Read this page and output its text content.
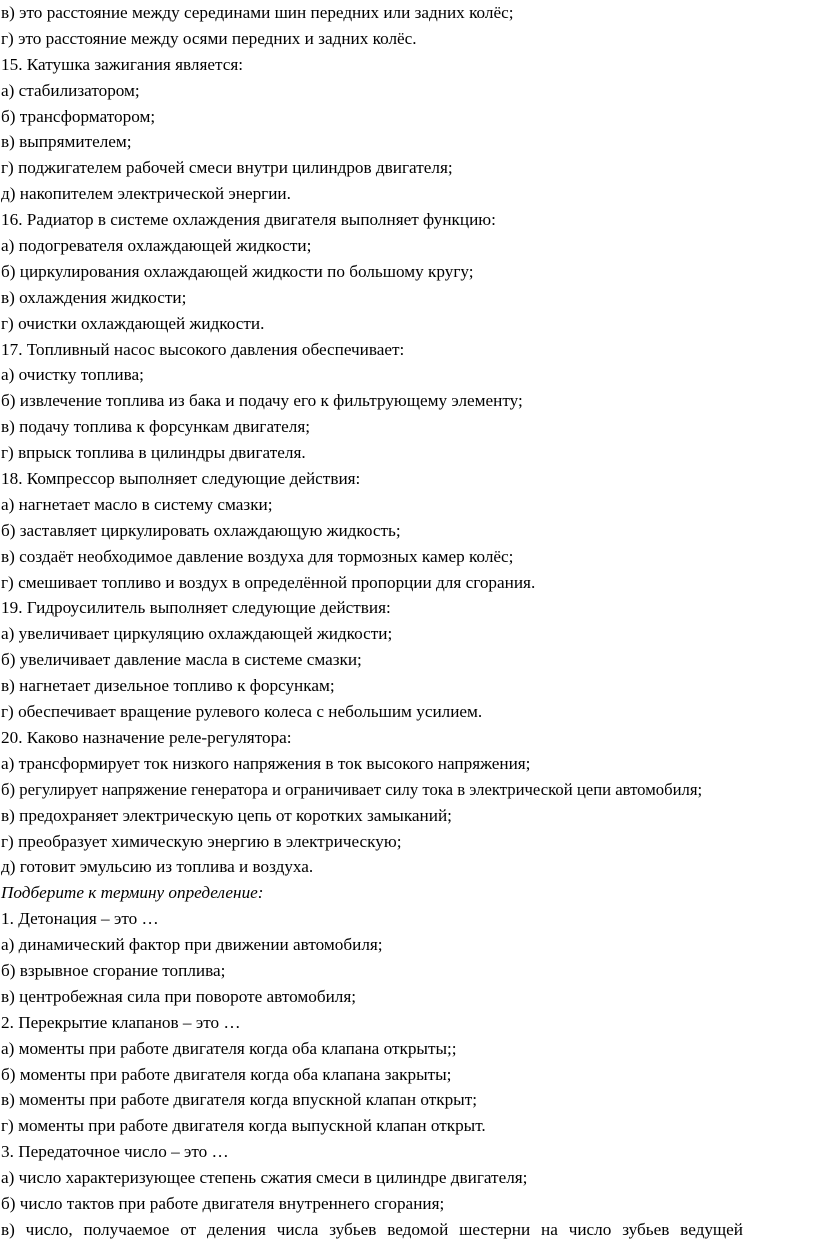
в) это расстояние между серединами шин передних или задних колёс;
г) это расстояние между осями передних и задних колёс.
15. Катушка зажигания является:
а) стабилизатором;
б) трансформатором;
в) выпрямителем;
г) поджигателем рабочей смеси внутри цилиндров двигателя;
д) накопителем электрической энергии.
16. Радиатор в системе охлаждения двигателя выполняет функцию:
а) подогревателя охлаждающей жидкости;
б) циркулирования охлаждающей жидкости по большому кругу;
в) охлаждения жидкости;
г) очистки охлаждающей жидкости.
17. Топливный насос высокого давления обеспечивает:
а) очистку топлива;
б) извлечение топлива из бака и подачу его к фильтрующему элементу;
в) подачу топлива к форсункам двигателя;
г) впрыск топлива в цилиндры двигателя.
18. Компрессор выполняет следующие действия:
а) нагнетает масло в систему смазки;
б) заставляет циркулировать охлаждающую жидкость;
в) создаёт необходимое давление воздуха для тормозных камер колёс;
г) смешивает топливо и воздух в определённой пропорции для сгорания.
19. Гидроусилитель выполняет следующие действия:
а) увеличивает циркуляцию охлаждающей жидкости;
б) увеличивает давление масла в системе смазки;
в) нагнетает дизельное топливо к форсункам;
г) обеспечивает вращение рулевого колеса с небольшим усилием.
20. Каково назначение реле-регулятора:
а) трансформирует ток низкого напряжения в ток высокого напряжения;
б) регулирует напряжение генератора и ограничивает силу тока в электрической цепи автомобиля;
в) предохраняет электрическую цепь от коротких замыканий;
г) преобразует химическую энергию в электрическую;
д) готовит эмульсию из топлива и воздуха.
Подберите к термину определение:
1. Детонация – это …
а) динамический фактор при движении автомобиля;
б) взрывное сгорание топлива;
в) центробежная сила при повороте автомобиля;
2. Перекрытие клапанов – это …
а) моменты при работе двигателя когда оба клапана открыты;;
б) моменты при работе двигателя когда оба клапана закрыты;
в) моменты при работе двигателя когда впускной клапан открыт;
г) моменты при работе двигателя когда выпускной клапан открыт.
3. Передаточное число – это …
а) число характеризующее степень сжатия смеси в цилиндре двигателя;
б) число тактов при работе двигателя внутреннего сгорания;
в) число, получаемое от деления числа зубьев ведомой шестерни на число зубьев ведущей
